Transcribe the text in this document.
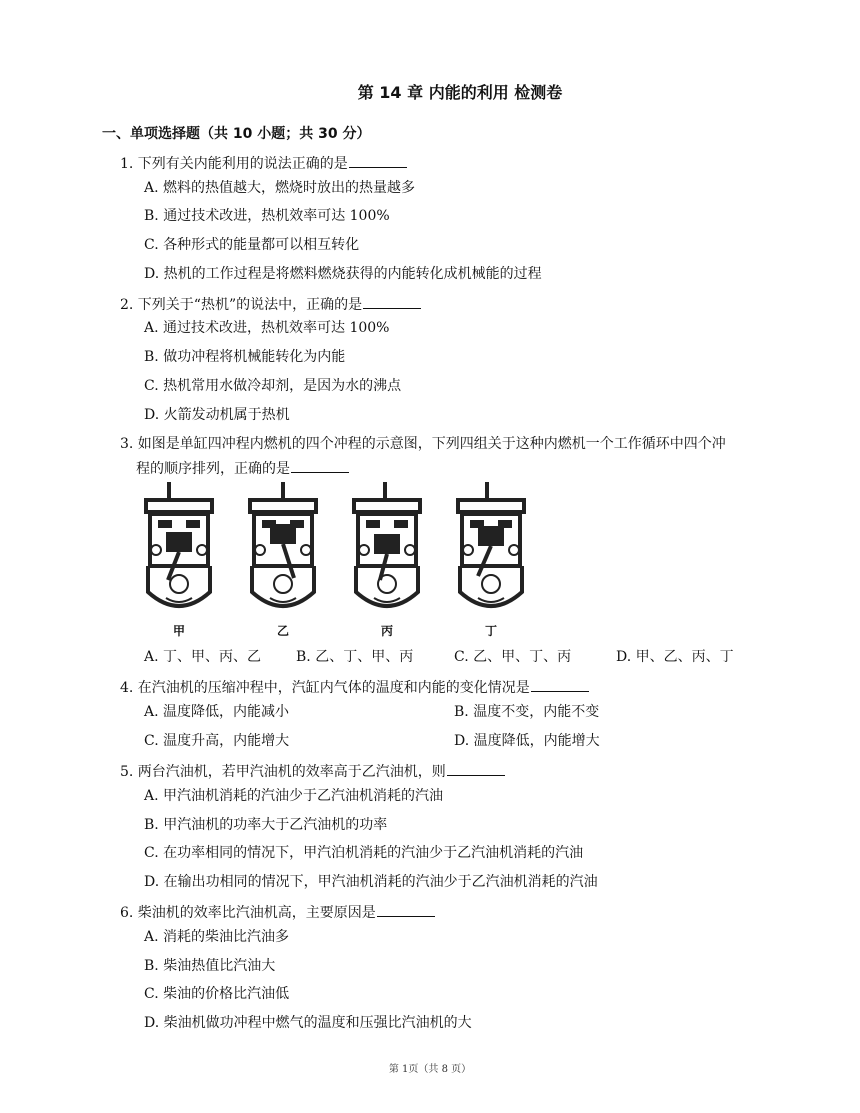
第 14 章 内能的利用 检测卷
一、单项选择题（共 10 小题；共 30 分）
1. 下列有关内能利用的说法正确的是
A. 燃料的热值越大，燃烧时放出的热量越多
B. 通过技术改进，热机效率可达 100%
C. 各种形式的能量都可以相互转化
D. 热机的工作过程是将燃料燃烧获得的内能转化成机械能的过程
2. 下列关于“热机”的说法中，正确的是
A. 通过技术改进，热机效率可达 100%
B. 做功冲程将机械能转化为内能
C. 热机常用水做冷却剂，是因为水的沸点
D. 火箭发动机属于热机
3. 如图是单缸四冲程内燃机的四个冲程的示意图，下列四组关于这种内燃机一个工作循环中四个冲
程的顺序排列，正确的是
甲	乙	丙	丁
A. 丁、甲、丙、乙 B. 乙、丁、甲、丙	C. 乙、甲、丁、丙	D. 甲、乙、丙、丁
4. 在汽油机的压缩冲程中，汽缸内气体的温度和内能的变化情况是
A. 温度降低，内能减小	B. 温度不变，内能不变
C. 温度升高，内能增大	D. 温度降低，内能增大
5. 两台汽油机，若甲汽油机的效率高于乙汽油机，则
A. 甲汽油机消耗的汽油少于乙汽油机消耗的汽油
B. 甲汽油机的功率大于乙汽油机的功率
C. 在功率相同的情况下，甲汽泊机消耗的汽油少于乙汽油机消耗的汽油
D. 在输出功相同的情况下，甲汽油机消耗的汽油少于乙汽油机消耗的汽油
6. 柴油机的效率比汽油机高，主要原因是
A. 消耗的柴油比汽油多
B. 柴油热值比汽油大
C. 柴油的价格比汽油低
D. 柴油机做功冲程中燃气的温度和压强比汽油机的大
第 1页（共 8 页）
